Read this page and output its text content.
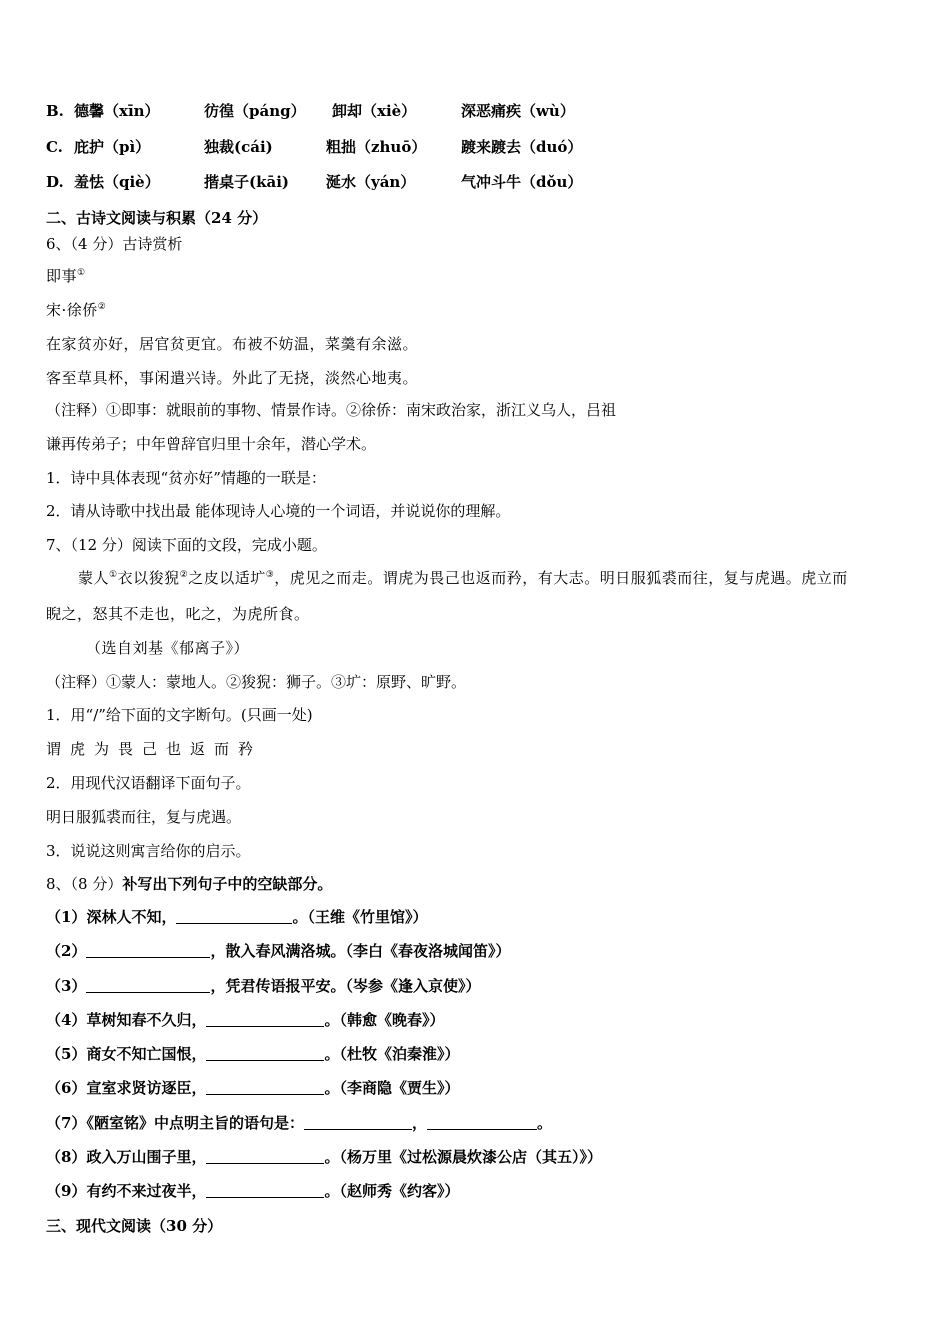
B. 德馨（xīn）	彷徨（páng） 卸却（xiè）	深恶痛疾（wù）
C. 庇护（pì）	独裁(cái)	粗拙（zhuō） 踱来踱去（duó）
D. 羞怯（qiè）	揩桌子(kāi) 涎水（yán）	气冲斗牛（dǒu）
二、古诗文阅读与积累（24 分）
6、（4 分）古诗赏析
即事①
宋·徐侨②
在家贫亦好，居官贫更宜。布被不妨温，菜羹有余滋。
客至草具杯，事闲遣兴诗。外此了无挠，淡然心地夷。
（注释）①即事：就眼前的事物、情景作诗。②徐侨：南宋政治家，浙江义乌人，吕祖
谦再传弟子；中年曾辞官归里十余年，潜心学术。
1．诗中具体表现“贫亦好”情趣的一联是：
2．请从诗歌中找出最 能体现诗人心境的一个词语，并说说你的理解。
7、（12 分）阅读下面的文段，完成小题。
蒙人①衣以狻猊②之皮以适圹③，虎见之而走。谓虎为畏己也返而矜，有大志。明日服狐裘而往，复与虎遇。虎立而
睨之，怒其不走也，叱之，为虎所食。
（选自刘基《郁离子》）
（注释）①蒙人：蒙地人。②狻猊：狮子。③圹：原野、旷野。
1．用“/”给下面的文字断句。(只画一处)
谓虎为畏己也返而矜
2．用现代汉语翻译下面句子。
明日服狐裘而往，复与虎遇。
3．说说这则寓言给你的启示。
8、（8 分）补写出下列句子中的空缺部分。
（1）深林人不知，	。（王维《竹里馆》）
（2）	，散入春风满洛城。（李白《春夜洛城闻笛》）
（3）	，凭君传语报平安。（岑参《逢入京使》）
（4）草树知春不久归，	。（韩愈《晚春》）
（5）商女不知亡国恨，	。（杜牧《泊秦淮》）
（6）宣室求贤访逐臣，	。（李商隐《贾生》）
（7）《陋室铭》中点明主旨的语句是：	，	。
（8）政入万山围子里，	。（杨万里《过松源晨炊漆公店（其五）》）
（9）有约不来过夜半，	。（赵师秀《约客》）
三、现代文阅读（30 分）
